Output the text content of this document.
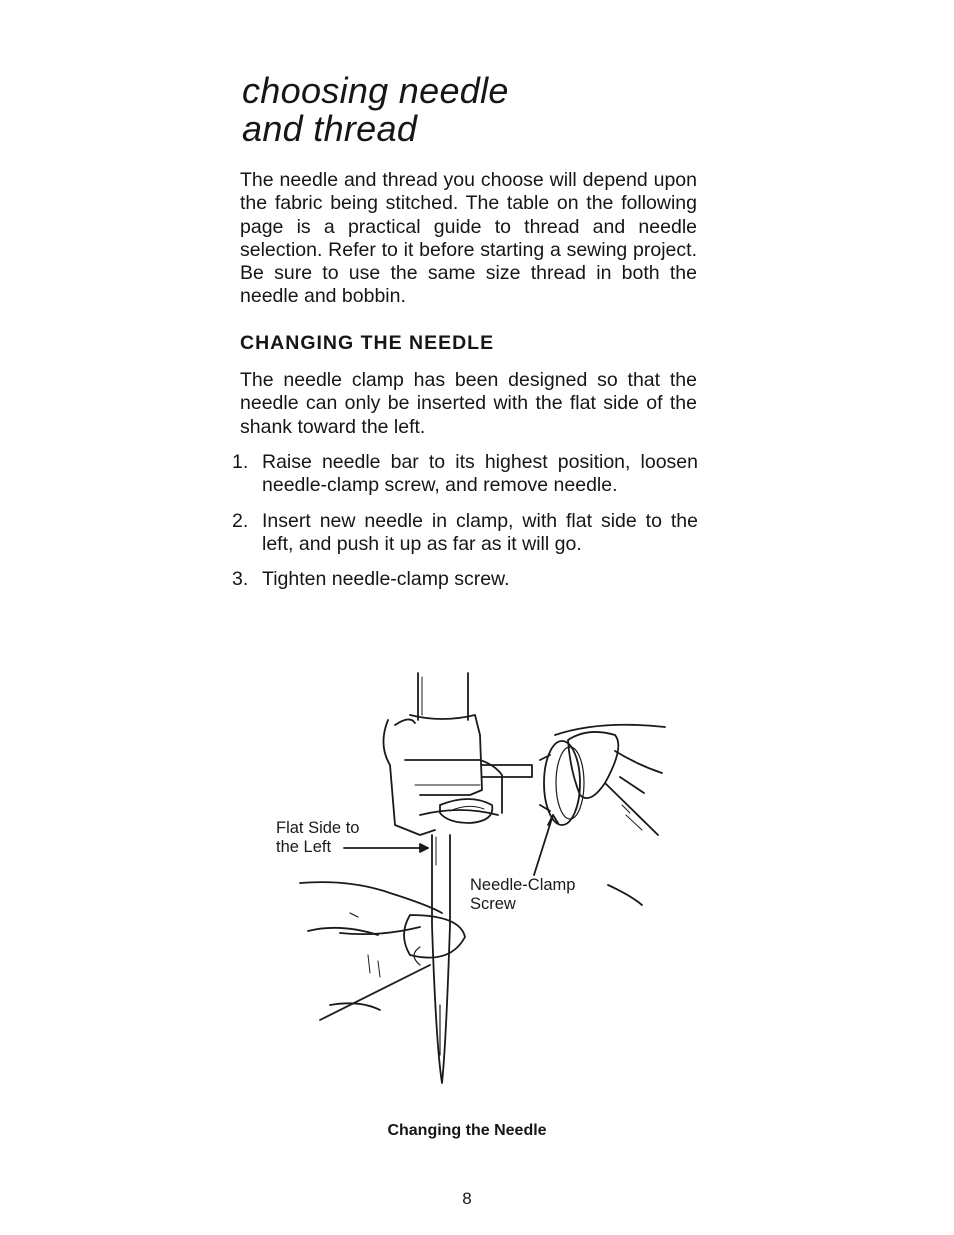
choosing needle
and thread

The needle and thread you choose will depend upon the fabric being stitched. The table on the following page is a practical guide to thread and needle selection. Refer to it before starting a sewing project. Be sure to use the same size thread in both the needle and bobbin.

CHANGING THE NEEDLE

The needle clamp has been designed so that the needle can only be inserted with the flat side of the shank toward the left.

1. Raise needle bar to its highest position, loosen needle-clamp screw, and remove needle.
2. Insert new needle in clamp, with flat side to the left, and push it up as far as it will go.
3. Tighten needle-clamp screw.
Flat Side to
the Left
Needle-Clamp
Screw
Changing the Needle
8
